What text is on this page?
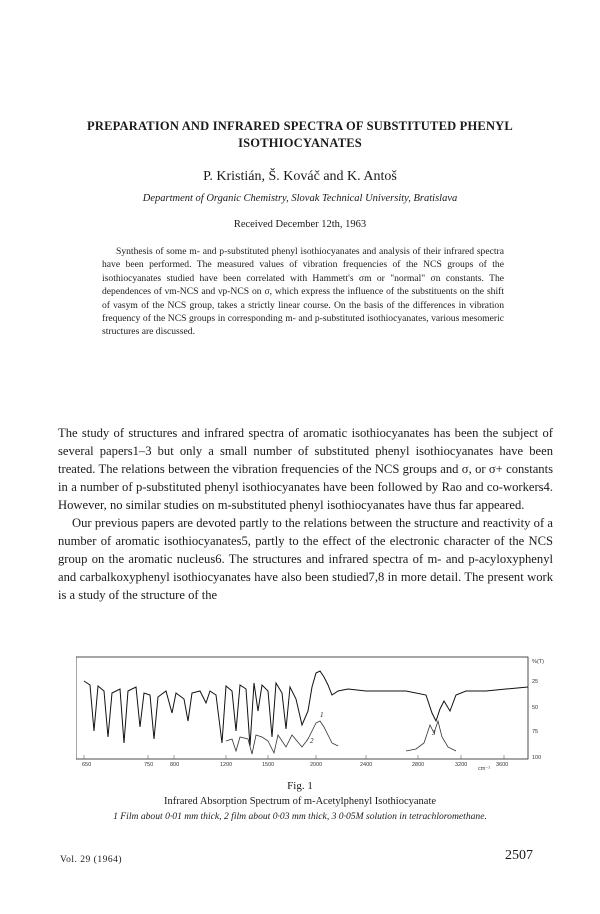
PREPARATION AND INFRARED SPECTRA OF SUBSTITUTED PHENYL
ISOTHIOCYANATES
P. Kristián, Š. Kováč and K. Antoš
Department of Organic Chemistry, Slovak Technical University, Bratislava
Received December 12th, 1963

Synthesis of some m- and p-substituted phenyl isothiocyanates and analysis of their infrared spectra have been performed. The measured values of vibration frequencies of the NCS groups of the isothiocyanates studied have been correlated with Hammett's σm or "normal" σn constants. The dependences of νm-NCS and νp-NCS on σ, which express the influence of the substituents on the shift of νasym of the NCS group, takes a strictly linear course. On the basis of the differences in vibration frequency of the NCS groups in corresponding m- and p-substituted isothiocyanates, various mesomeric structures are discussed.

The study of structures and infrared spectra of aromatic isothiocyanates has been the subject of several papers1–3 but only a small number of substituted phenyl isothiocyanates have been treated. The relations between the vibration frequencies of the NCS groups and σ, or σ+ constants in a number of p-substituted phenyl isothiocyanates have been followed by Rao and co-workers4. However, no similar studies on m-substituted phenyl isothiocyanates have thus far appeared.

Our previous papers are devoted partly to the relations between the structure and reactivity of a number of aromatic isothiocyanates5, partly to the effect of the electronic character of the NCS group on the aromatic nucleus6. The structures and infrared spectra of m- and p-acyloxyphenyl and carbalkoxyphenyl isothiocyanates have also been studied7,8 in more detail. The present work is a study of the structure of the

1
2
3
650	750	800	1200	1500	2000	2400	2800	3200	3600
cm⁻¹
%(T)
25
50
75
100
Fig. 1
Infrared Absorption Spectrum of m-Acetylphenyl Isothiocyanate
1 Film about 0·01 mm thick, 2 film about 0·03 mm thick, 3 0·05M solution in tetrachloromethane.
Vol. 29 (1964)	2507
